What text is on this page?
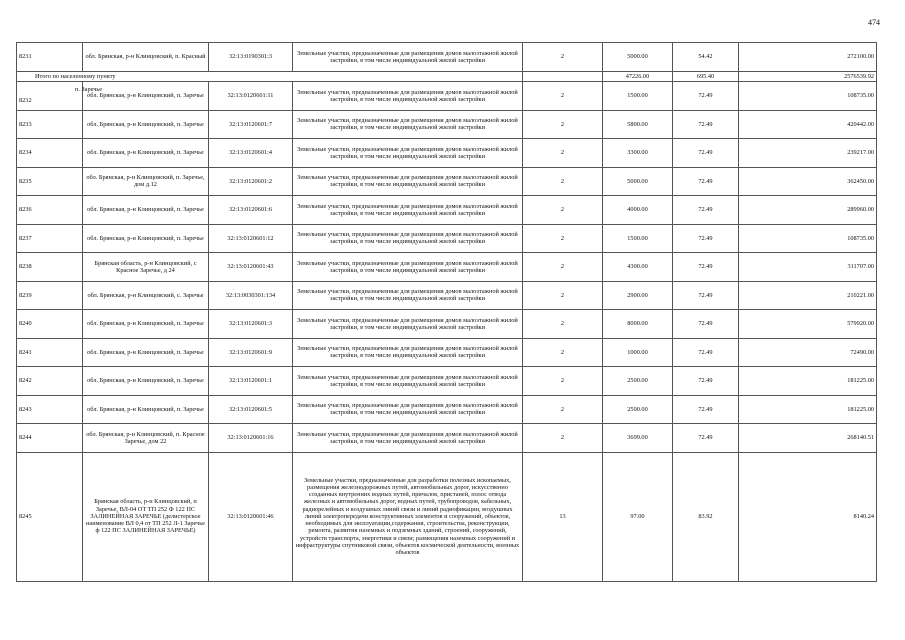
474
8231	обл. Брянская, р-н Клинцовский, п. Красный	32:13:0190301:3	Земельные участки, предназначенные для размещения домов малоэтажной жилой застройки, в том числе индивидуальной жилой застройки	2	5000.00	54.42	272100.00
Итого по населенному пункту					47226.00	695.40	2576539.92

п. Заречье
8232	обл. Брянская, р-н Клинцовский, п. Заречье	32:13:0120601:11	Земельные участки, предназначенные для размещения домов малоэтажной жилой застройки, в том числе индивидуальной жилой застройки	2	1500.00	72.49	108735.00
8233	обл. Брянская, р-н Клинцовский, п. Заречье	32:13:0120601:7	Земельные участки, предназначенные для размещения домов малоэтажной жилой застройки, в том числе индивидуальной жилой застройки	2	5800.00	72.49	420442.00
8234	обл. Брянская, р-н Клинцовский, п. Заречье	32:13:0120601:4	Земельные участки, предназначенные для размещения домов малоэтажной жилой застройки, в том числе индивидуальной жилой застройки	2	3300.00	72.49	239217.00
8235	обл. Брянская, р-н Клинцовский, п. Заречье, дом д.12	32:13:0120601:2	Земельные участки, предназначенные для размещения домов малоэтажной жилой застройки, в том числе индивидуальной жилой застройки	2	5000.00	72.49	362450.00
8236	обл. Брянская, р-н Клинцовский, п. Заречье	32:13:0120601:6	Земельные участки, предназначенные для размещения домов малоэтажной жилой застройки, в том числе индивидуальной жилой застройки	2	4000.00	72.49	289960.00
8237	обл. Брянская, р-н Клинцовский, п. Заречье	32:13:0120601:12	Земельные участки, предназначенные для размещения домов малоэтажной жилой застройки, в том числе индивидуальной жилой застройки	2	1500.00	72.49	108735.00
8238	Брянская область, р-н Клинцовский, с Красное Заречье, д 24	32:13:0120601:43	Земельные участки, предназначенные для размещения домов малоэтажной жилой застройки, в том числе индивидуальной жилой застройки	2	4300.00	72.49	311707.00
8239	обл. Брянская, р-н Клинцовский, с. Заречье	32:13:0030301:134	Земельные участки, предназначенные для размещения домов малоэтажной жилой застройки, в том числе индивидуальной жилой застройки	2	2900.00	72.49	210221.00
8240	обл. Брянская, р-н Клинцовский, п. Заречье	32:13:0120601:3	Земельные участки, предназначенные для размещения домов малоэтажной жилой застройки, в том числе индивидуальной жилой застройки	2	8000.00	72.49	579920.00
8241	обл. Брянская, р-н Клинцовский, п. Заречье	32:13:0120601:9	Земельные участки, предназначенные для размещения домов малоэтажной жилой застройки, в том числе индивидуальной жилой застройки	2	1000.00	72.49	72490.00
8242	обл. Брянская, р-н Клинцовский, п. Заречье	32:13:0120601:1	Земельные участки, предназначенные для размещения домов малоэтажной жилой застройки, в том числе индивидуальной жилой застройки	2	2500.00	72.49	181225.00
8243	обл. Брянская, р-н Клинцовский, п. Заречье	32:13:0120601:5	Земельные участки, предназначенные для размещения домов малоэтажной жилой застройки, в том числе индивидуальной жилой застройки	2	2500.00	72.49	181225.00
8244	обл. Брянская, р-н Клинцовский, п. Красное Заречье, дом 22	32:13:0120601:16	Земельные участки, предназначенные для размещения домов малоэтажной жилой застройки, в том числе индивидуальной жилой застройки	2	3699.00	72.49	268140.51
8245	Брянская область, р-н Клинцовский, п Заречье, ВЛ-04 ОТ ТП 252 Ф 122 ПС ЗАЛИНЕЙНАЯ ЗАРЕЧЬЕ (делистерское наименование ВЛ 0,4 от ТП 252 Л-1 Заречье ф 122 ПС ЗАЛИНЕЙНАЯ ЗАРЕЧЬЕ)	32:13:0120601:46	Земельные участки, предназначенные для разработки полезных ископаемых, размещения железнодорожных путей, автомобильных дорог, искусственно созданных внутренних водных путей, причалов, пристаней, полос отвода железных и автомобильных дорог, водных путей, трубопроводов, кабельных, радиорелейных и воздушных линий связи и линий радиофикации, воздушных линий электропередачи конструктивных элементов и сооружений, объектов, необходимых для эксплуатации,содержания, строительства, реконструкции, ремонта, развития наземных и подземных зданий, строений, сооружений, устройств транспорта, энергетики и связи; размещения наземных сооружений и инфраструктуры спутниковой связи, объектов космической деятельности, военных объектов	13	97.00	83.92	8140.24
